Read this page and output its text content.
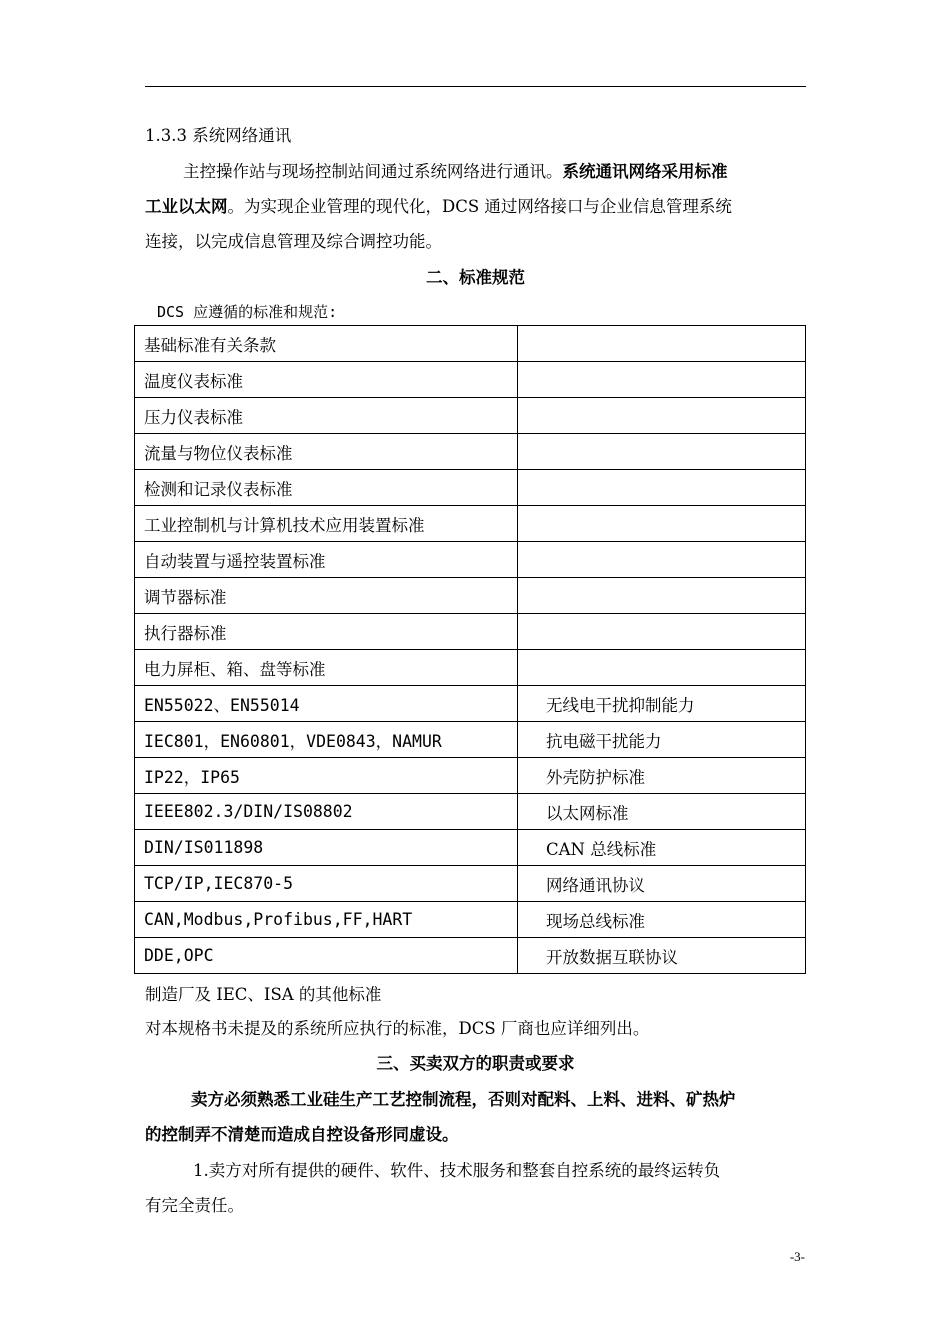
1.3.3 系统网络通讯
主控操作站与现场控制站间通过系统网络进行通讯。系统通讯网络采用标准
工业以太网。为实现企业管理的现代化，DCS 通过网络接口与企业信息管理系统
连接，以完成信息管理及综合调控功能。
二、标准规范
DCS 应遵循的标准和规范:
基础标准有关条款	
温度仪表标准	
压力仪表标准	
流量与物位仪表标准	
检测和记录仪表标准	
工业控制机与计算机技术应用装置标准	
自动装置与遥控装置标准	
调节器标准	
执行器标准	
电力屏柜、箱、盘等标准	
EN55022、EN55014	无线电干扰抑制能力
IEC801，EN60801，VDE0843，NAMUR	抗电磁干扰能力
IP22，IP65	外壳防护标准
IEEE802.3/DIN/IS08802	以太网标准
DIN/IS011898	CAN 总线标准
TCP/IP,IEC870-5	网络通讯协议
CAN,Modbus,Profibus,FF,HART	现场总线标准
DDE,OPC	开放数据互联协议
制造厂及 IEC、ISA 的其他标准
对本规格书未提及的系统所应执行的标准，DCS 厂商也应详细列出。
三、买卖双方的职责或要求
卖方必须熟悉工业硅生产工艺控制流程，否则对配料、上料、进料、矿热炉
的控制弄不清楚而造成自控设备形同虚设。
1.卖方对所有提供的硬件、软件、技术服务和整套自控系统的最终运转负
有完全责任。
-3-
